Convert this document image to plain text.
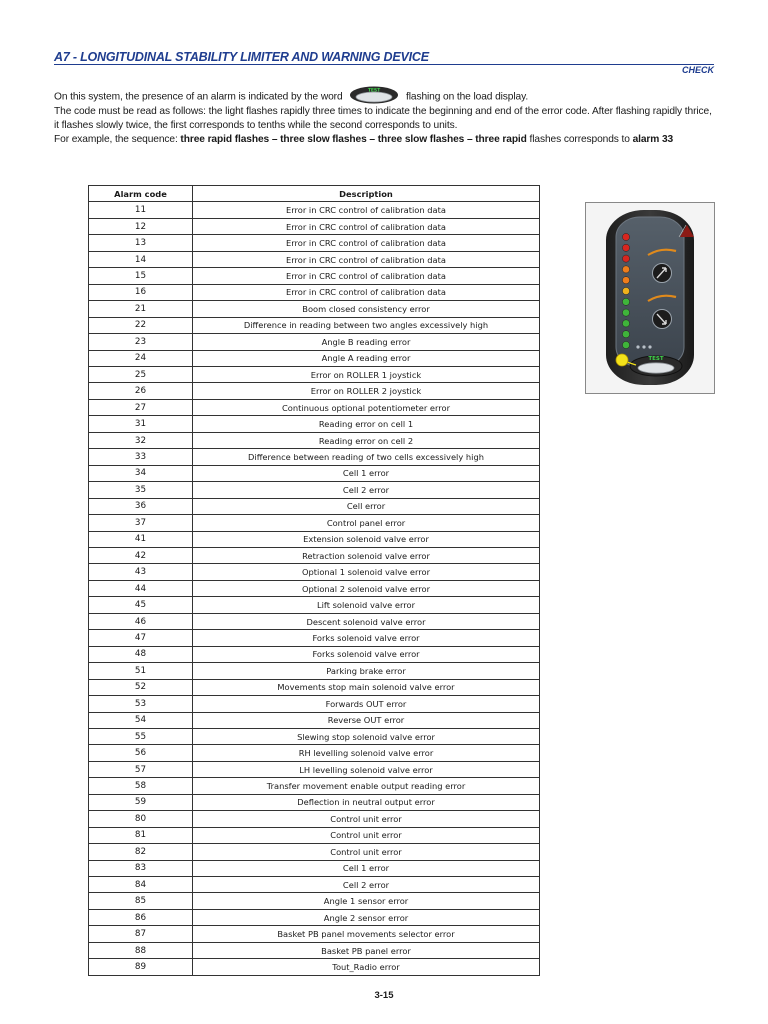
A7 - LONGITUDINAL STABILITY LIMITER AND WARNING DEVICE
CHECK

On this system, the presence of an alarm is indicated by the word
TEST
flashing on the load display.

The code must be read as follows: the light flashes rapidly three times to indicate the beginning and end of the error code. After flashing rapidly thrice, it flashes slowly twice, the first corresponds to tenths while the second corresponds to units.

For example, the sequence: three rapid flashes – three slow flashes – three slow flashes – three rapid flashes corresponds to alarm 33

Alarm code	Description
11	Error in CRC control of calibration data
12	Error in CRC control of calibration data
13	Error in CRC control of calibration data
14	Error in CRC control of calibration data
15	Error in CRC control of calibration data
16	Error in CRC control of calibration data
21	Boom closed consistency error
22	Difference in reading between two angles excessively high
23	Angle B reading error
24	Angle A reading error
25	Error on ROLLER 1 joystick
26	Error on ROLLER 2 joystick
27	Continuous optional potentiometer error
31	Reading error on cell 1
32	Reading error on cell 2
33	Difference between reading of two cells excessively high
34	Cell 1 error
35	Cell 2 error
36	Cell error
37	Control panel error
41	Extension solenoid valve error
42	Retraction solenoid valve error
43	Optional 1 solenoid valve error
44	Optional 2 solenoid valve error
45	Lift solenoid valve error
46	Descent solenoid valve error
47	Forks solenoid valve error
48	Forks solenoid valve error
51	Parking brake error
52	Movements stop main solenoid valve error
53	Forwards OUT error
54	Reverse OUT error
55	Slewing stop solenoid valve error
56	RH levelling solenoid valve error
57	LH levelling solenoid valve error
58	Transfer movement enable output reading error
59	Deflection in neutral output error
80	Control unit error
81	Control unit error
82	Control unit error
83	Cell 1 error
84	Cell 2 error
85	Angle 1 sensor error
86	Angle 2 sensor error
87	Basket PB panel movements selector error
88	Basket PB panel error
89	Tout_Radio error
TEST
3-15
